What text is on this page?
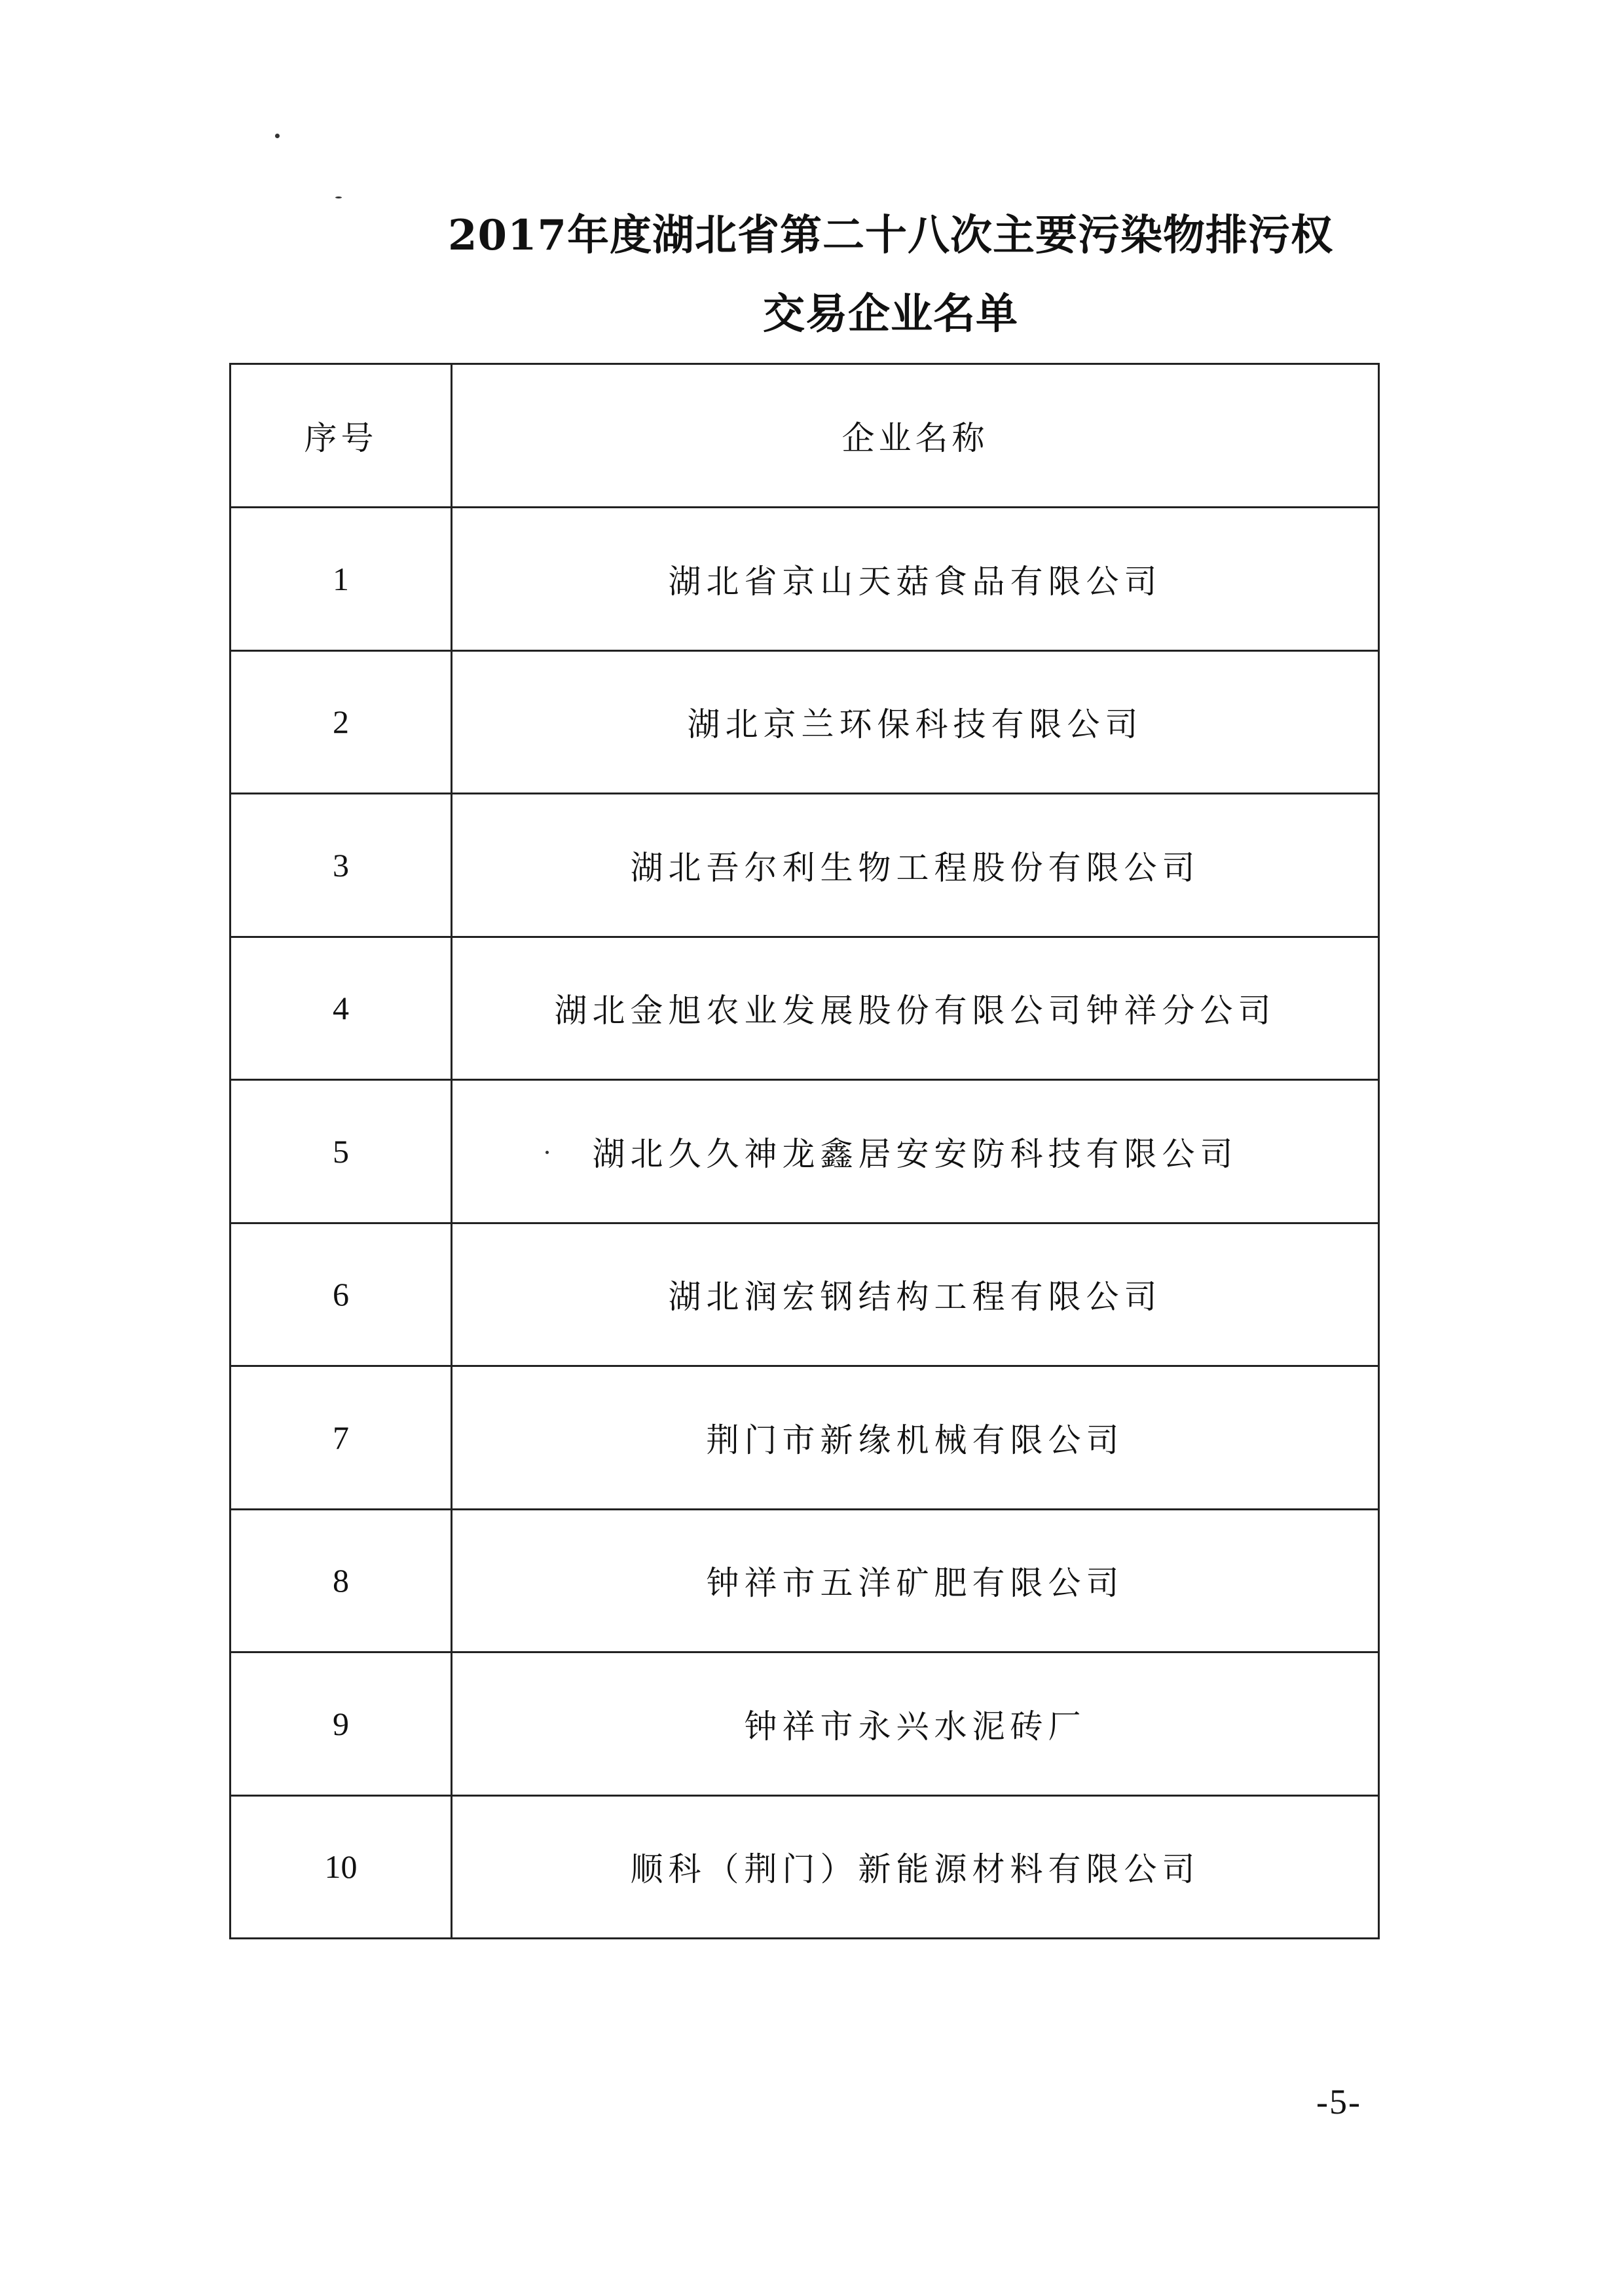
2017年度湖北省第二十八次主要污染物排污权
交易企业名单
序号	企业名称
1	湖北省京山天菇食品有限公司
2	湖北京兰环保科技有限公司
3	湖北吾尔利生物工程股份有限公司
4	湖北金旭农业发展股份有限公司钟祥分公司
5	湖北久久神龙鑫居安安防科技有限公司
6	湖北润宏钢结构工程有限公司
7	荆门市新缘机械有限公司
8	钟祥市五洋矿肥有限公司
9	钟祥市永兴水泥砖厂
10	顺科（荆门）新能源材料有限公司
-5-
